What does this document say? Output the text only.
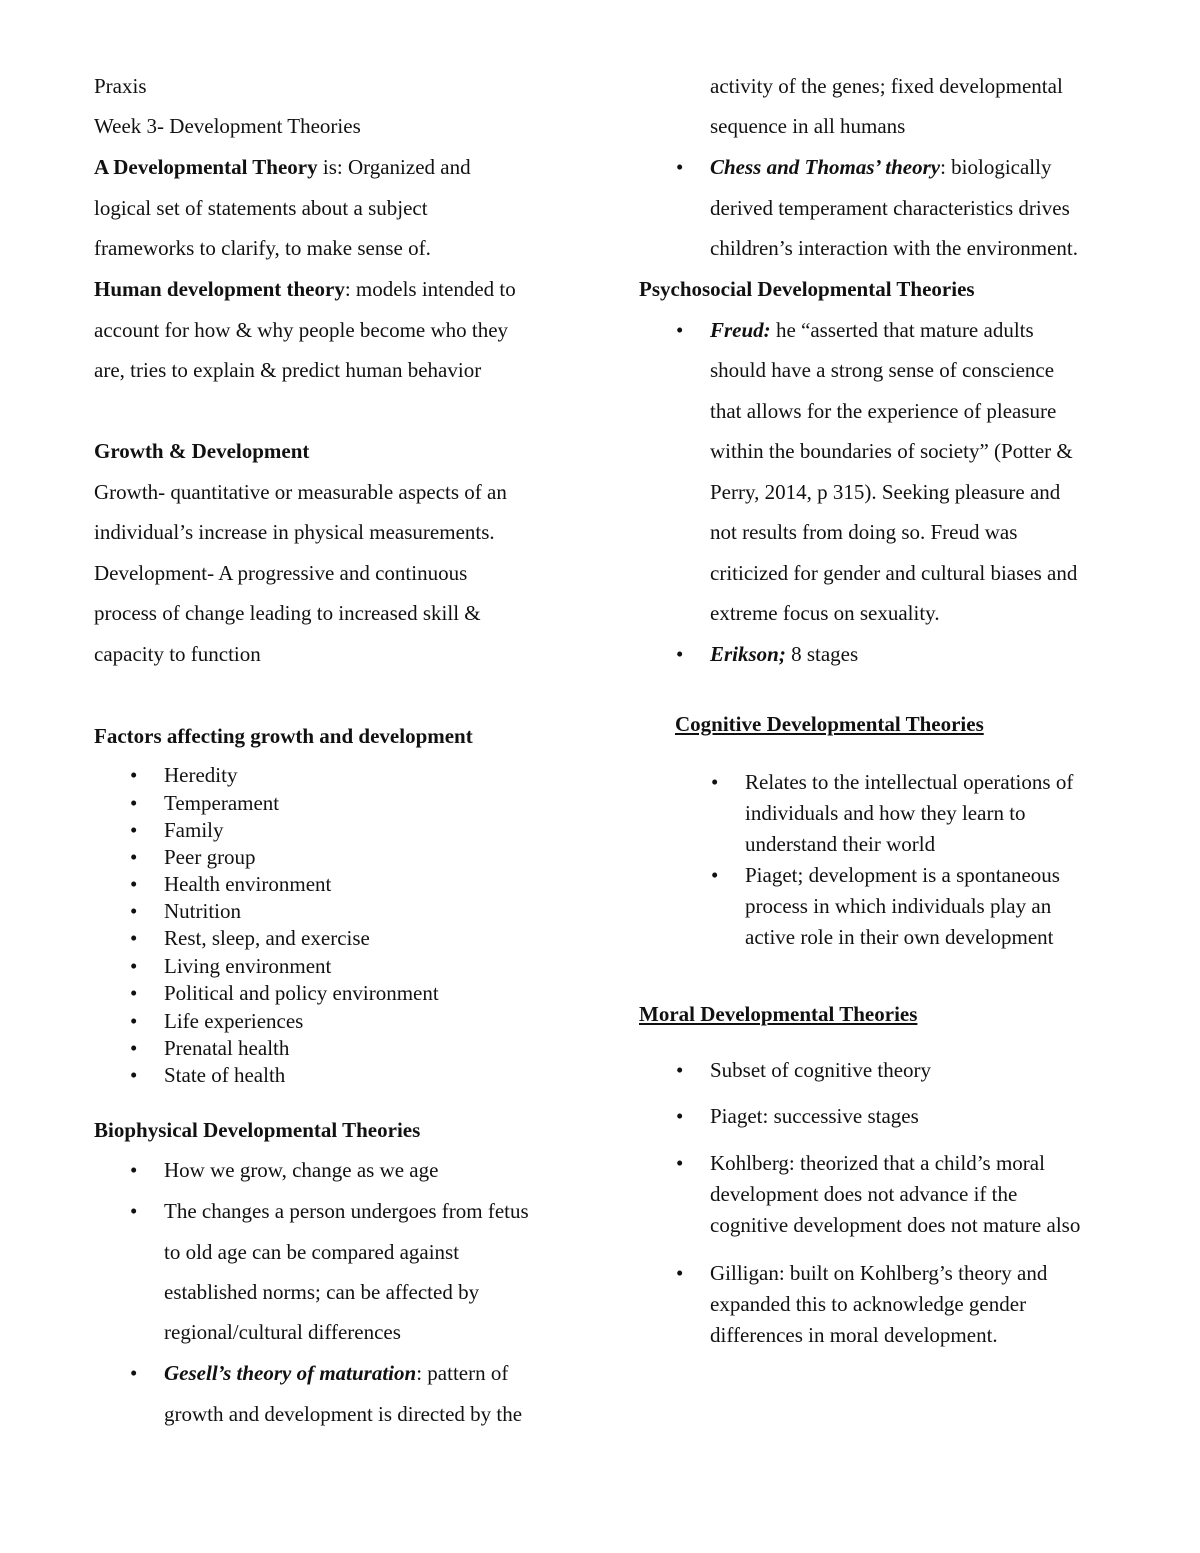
Praxis
Week 3- Development Theories
A Developmental Theory is: Organized and
logical set of statements about a subject
frameworks to clarify, to make sense of.
Human development theory: models intended to
account for how & why people become who they
are, tries to explain & predict human behavior
Growth & Development
Growth- quantitative or measurable aspects of an
individual’s increase in physical measurements.
Development- A progressive and continuous
process of change leading to increased skill &
capacity to function
Factors affecting growth and development
• Heredity
• Temperament
• Family
• Peer group
• Health environment
• Nutrition
• Rest, sleep, and exercise
• Living environment
• Political and policy environment
• Life experiences
• Prenatal health
• State of health
Biophysical Developmental Theories
• How we grow, change as we age
• The changes a person undergoes from fetus
to old age can be compared against
established norms; can be affected by
regional/cultural differences
• Gesell’s theory of maturation: pattern of
growth and development is directed by the
activity of the genes; fixed developmental
sequence in all humans
• Chess and Thomas’ theory: biologically
derived temperament characteristics drives
children’s interaction with the environment.
Psychosocial Developmental Theories
• Freud: he “asserted that mature adults
should have a strong sense of conscience
that allows for the experience of pleasure
within the boundaries of society” (Potter &
Perry, 2014, p 315). Seeking pleasure and
not results from doing so. Freud was
criticized for gender and cultural biases and
extreme focus on sexuality.
• Erikson; 8 stages
Cognitive Developmental Theories
• Relates to the intellectual operations of
individuals and how they learn to
understand their world
• Piaget; development is a spontaneous
process in which individuals play an
active role in their own development
Moral Developmental Theories
• Subset of cognitive theory
• Piaget: successive stages
• Kohlberg: theorized that a child’s moral
development does not advance if the
cognitive development does not mature also
• Gilligan: built on Kohlberg’s theory and
expanded this to acknowledge gender
differences in moral development.
